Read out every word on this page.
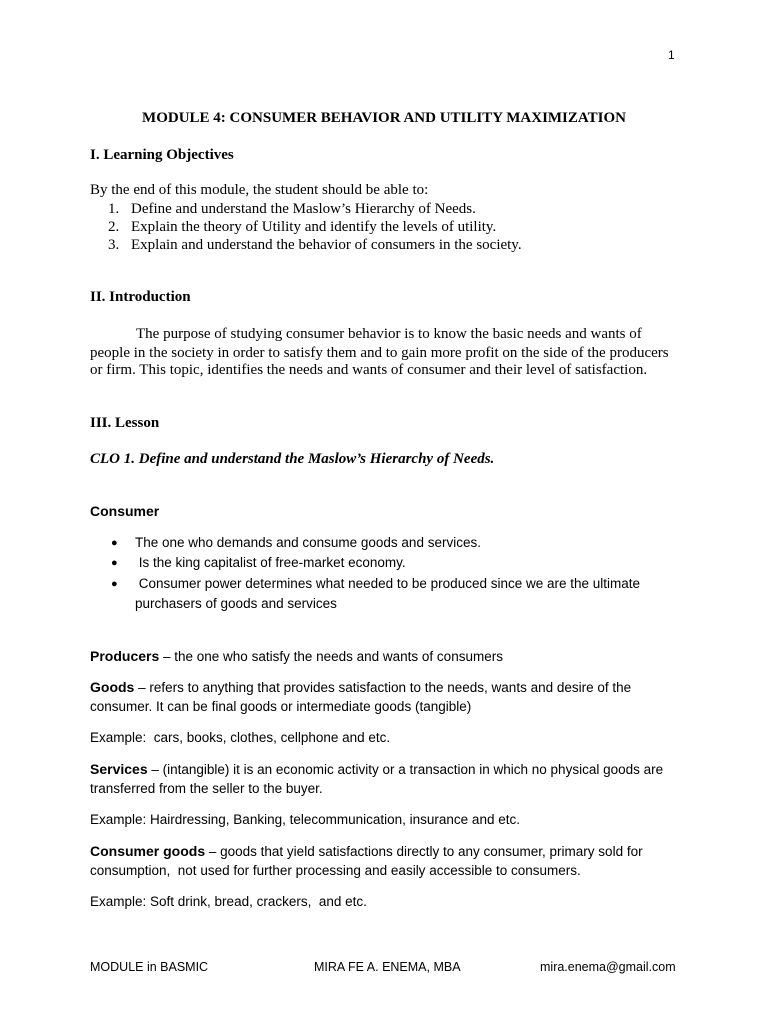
1
MODULE 4: CONSUMER BEHAVIOR AND UTILITY MAXIMIZATION
I. Learning Objectives
By the end of this module, the student should be able to:
1. Define and understand the Maslow’s Hierarchy of Needs.
2. Explain the theory of Utility and identify the levels of utility.
3. Explain and understand the behavior of consumers in the society.
II. Introduction
The purpose of studying consumer behavior is to know the basic needs and wants of
people in the society in order to satisfy them and to gain more profit on the side of the producers
or firm. This topic, identifies the needs and wants of consumer and their level of satisfaction.
III. Lesson
CLO 1. Define and understand the Maslow’s Hierarchy of Needs.
Consumer
● The one who demands and consume goods and services.
● Is the king capitalist of free-market economy.
● Consumer power determines what needed to be produced since we are the ultimate
purchasers of goods and services
Producers – the one who satisfy the needs and wants of consumers
Goods – refers to anything that provides satisfaction to the needs, wants and desire of the
consumer. It can be final goods or intermediate goods (tangible)
Example:  cars, books, clothes, cellphone and etc.
Services – (intangible) it is an economic activity or a transaction in which no physical goods are
transferred from the seller to the buyer.
Example: Hairdressing, Banking, telecommunication, insurance and etc.
Consumer goods – goods that yield satisfactions directly to any consumer, primary sold for
consumption,  not used for further processing and easily accessible to consumers.
Example: Soft drink, bread, crackers,  and etc.
MODULE in BASMIC	MIRA FE A. ENEMA, MBA	mira.enema@gmail.com
